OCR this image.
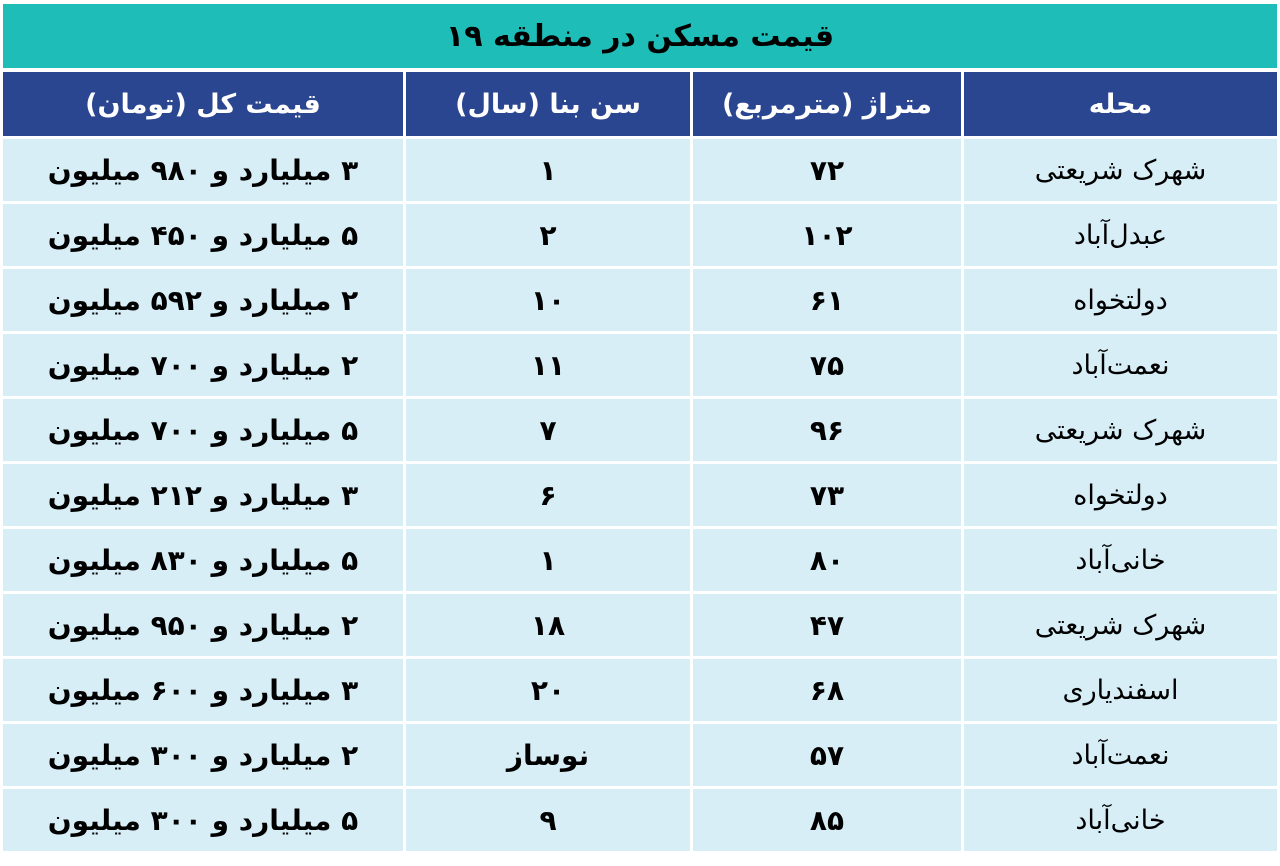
قیمت مسکن در منطقه ۱۹
محله	متراژ (مترمربع)	سن بنا (سال)	قیمت کل (تومان)
شهرک شریعتی	۷۲	۱	۳ میلیارد و ۹۸۰ میلیون
عبدل‌آباد	۱۰۲	۲	۵ میلیارد و ۴۵۰ میلیون
دولتخواه	۶۱	۱۰	۲ میلیارد و ۵۹۲ میلیون
نعمت‌آباد	۷۵	۱۱	۲ میلیارد و ۷۰۰ میلیون
شهرک شریعتی	۹۶	۷	۵ میلیارد و ۷۰۰ میلیون
دولتخواه	۷۳	۶	۳ میلیارد و ۲۱۲ میلیون
خانی‌آباد	۸۰	۱	۵ میلیارد و ۸۳۰ میلیون
شهرک شریعتی	۴۷	۱۸	۲ میلیارد و ۹۵۰ میلیون
اسفندیاری	۶۸	۲۰	۳ میلیارد و ۶۰۰ میلیون
نعمت‌آباد	۵۷	نوساز	۲ میلیارد و ۳۰۰ میلیون
خانی‌آباد	۸۵	۹	۵ میلیارد و ۳۰۰ میلیون
